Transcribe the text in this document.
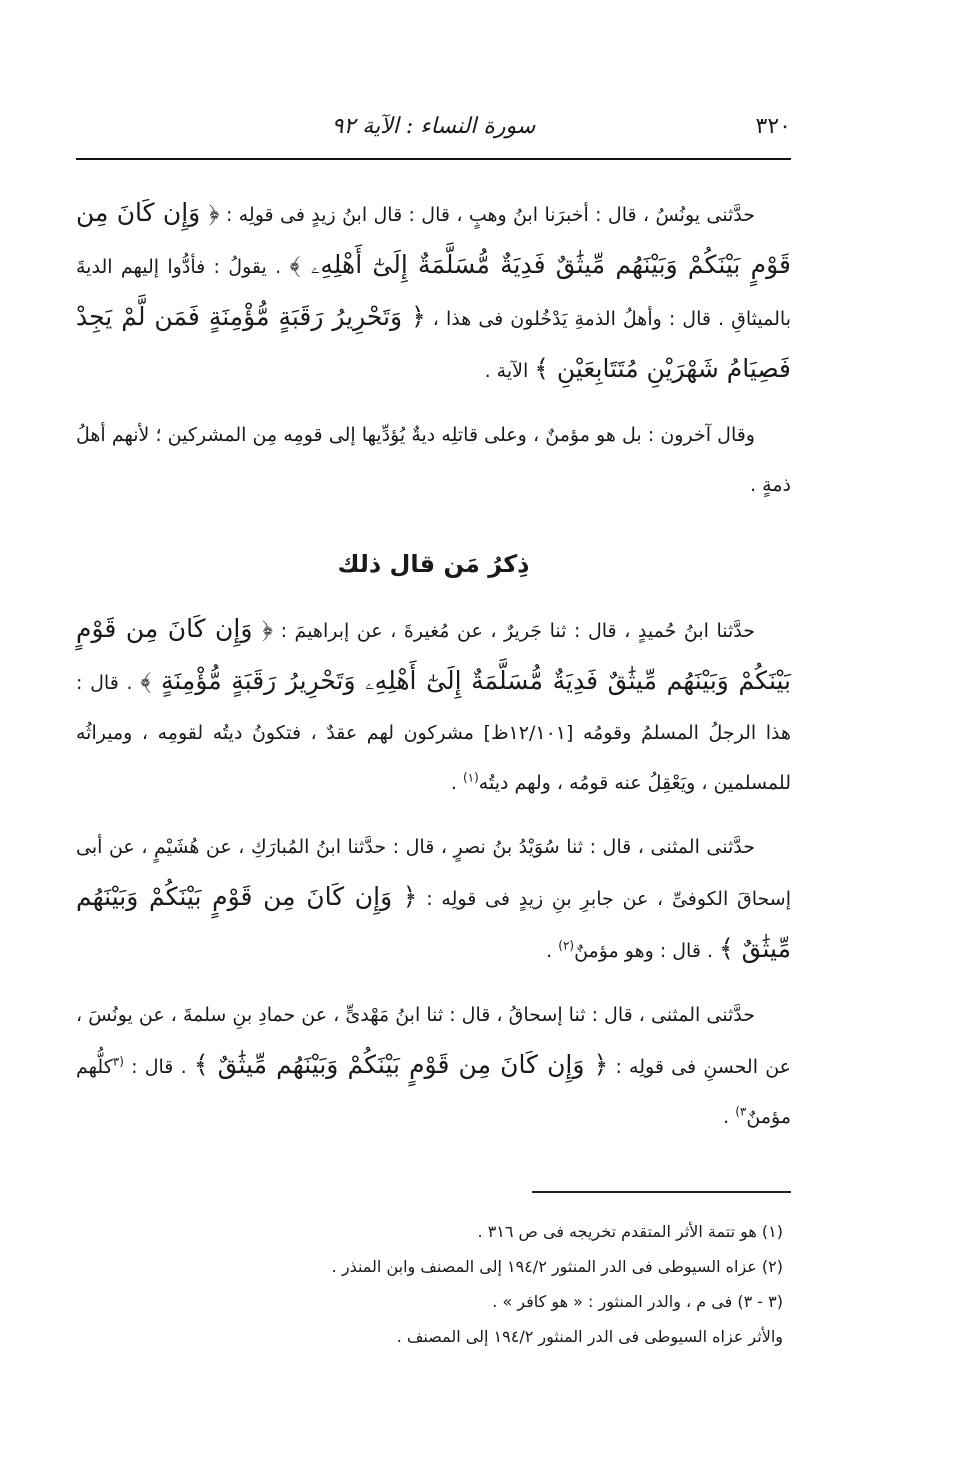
٣٢٠
سورة النساء : الآية ٩٢

حدَّثنى يونُسُ ، قال : أخبرَنا ابنُ وهبٍ ، قال : قال ابنُ زيدٍ فى قولِه : ﴿ وَإِن كَانَ مِن قَوْمٍ بَيْنَكُمْ وَبَيْنَهُم مِّيثَٰقٌ فَدِيَةٌ مُّسَلَّمَةٌ إِلَىٰٓ أَهْلِهِۦ ﴾ . يقولُ : فأدُّوا إليهم الديةَ بالميثاقِ . قال : وأهلُ الذمةِ يَدْخُلون فى هذا ، ﴿ وَتَحْرِيرُ رَقَبَةٍ مُّؤْمِنَةٍ فَمَن لَّمْ يَجِدْ فَصِيَامُ شَهْرَيْنِ مُتَتَابِعَيْنِ ﴾ الآية .

وقال آخرون : بل هو مؤمنٌ ، وعلى قاتلِه ديةٌ يُؤدِّيها إلى قومِه مِن المشركين ؛ لأنهم أهلُ ذمةٍ .

ذِكرُ مَن قال ذلك

حدَّثنا ابنُ حُميدٍ ، قال : ثنا جَريرٌ ، عن مُغيرةَ ، عن إبراهيمَ : ﴿ وَإِن كَانَ مِن قَوْمٍ بَيْنَكُمْ وَبَيْنَهُم مِّيثَٰقٌ فَدِيَةٌ مُّسَلَّمَةٌ إِلَىٰٓ أَهْلِهِۦ وَتَحْرِيرُ رَقَبَةٍ مُّؤْمِنَةٍ ﴾ . قال : هذا الرجلُ المسلمُ وقومُه [١٢/١٠١ظ] مشركون لهم عقدٌ ، فتكونُ ديتُه لقومِه ، وميراثُه للمسلمين ، ويَعْقِلُ عنه قومُه ، ولهم ديتُه$^{(١)}$ .

حدَّثنى المثنى ، قال : ثنا سُوَيْدُ بنُ نصرٍ ، قال : حدَّثنا ابنُ المُبارَكِ ، عن هُشَيْمٍ ، عن أبى إسحاقَ الكوفىِّ ، عن جابرِ بنِ زيدٍ فى قولِه : ﴿ وَإِن كَانَ مِن قَوْمٍ بَيْنَكُمْ وَبَيْنَهُم مِّيثَٰقٌ ﴾ . قال : وهو مؤمنٌ$^{(٢)}$ .

حدَّثنى المثنى ، قال : ثنا إسحاقُ ، قال : ثنا ابنُ مَهْدىٍّ ، عن حمادِ بنِ سلمةَ ، عن يونُسَ ، عن الحسنِ فى قولِه : ﴿ وَإِن كَانَ مِن قَوْمٍ بَيْنَكُمْ وَبَيْنَهُم مِّيثَٰقٌ ﴾ . قال : $^{(٣}$كلُّهم مؤمنٌ$^{٣)}$ .

(١) هو تتمة الأثر المتقدم تخريجه فى ص ٣١٦ .
(٢) عزاه السيوطى فى الدر المنثور ١٩٤/٢ إلى المصنف وابن المنذر .
(٣ - ٣) فى م ، والدر المنثور : « هو كافر » .
والأثر عزاه السيوطى فى الدر المنثور ١٩٤/٢ إلى المصنف .
